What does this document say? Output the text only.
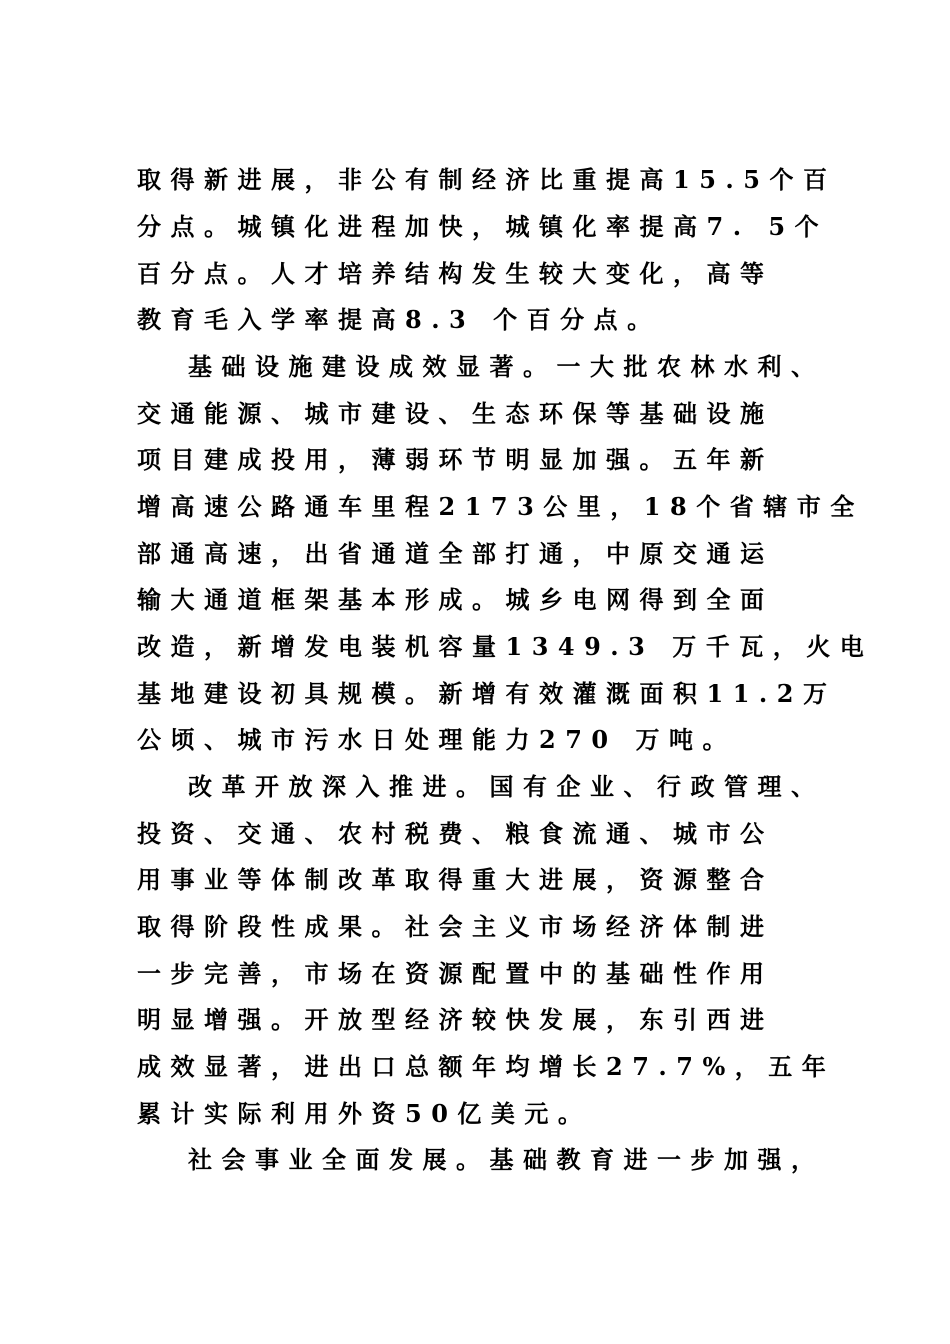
取得新进展，非公有制经济比重提高15.5个百
分点。城镇化进程加快，城镇化率提高7. 5个
百分点。人才培养结构发生较大变化，高等
教育毛入学率提高8.3 个百分点。
基础设施建设成效显著。一大批农林水利、
交通能源、城市建设、生态环保等基础设施
项目建成投用，薄弱环节明显加强。五年新
增高速公路通车里程2173公里，18个省辖市全
部通高速，出省通道全部打通，中原交通运
输大通道框架基本形成。城乡电网得到全面
改造，新增发电装机容量1349.3 万千瓦，火电
基地建设初具规模。新增有效灌溉面积11.2万
公顷、城市污水日处理能力270 万吨。
改革开放深入推进。国有企业、行政管理、
投资、交通、农村税费、粮食流通、城市公
用事业等体制改革取得重大进展，资源整合
取得阶段性成果。社会主义市场经济体制进
一步完善，市场在资源配置中的基础性作用
明显增强。开放型经济较快发展，东引西进
成效显著，进出口总额年均增长27.7%，五年
累计实际利用外资50亿美元。
社会事业全面发展。基础教育进一步加强，
